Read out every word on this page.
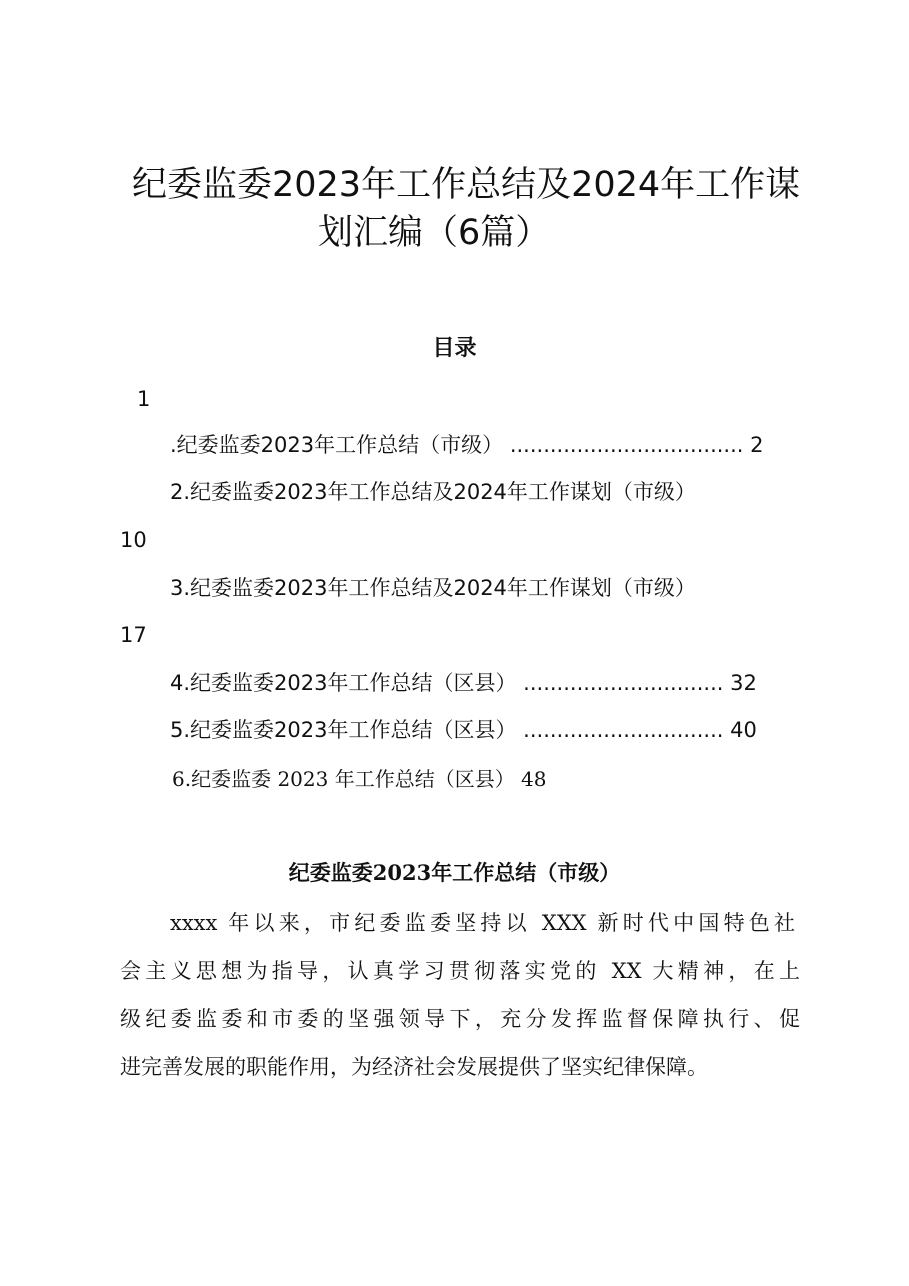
纪委监委2023年工作总结及2024年工作谋
划汇编（6篇）
目录
1
.纪委监委2023年工作总结（市级） ................................... 2
2.纪委监委2023年工作总结及2024年工作谋划（市级）
10
3.纪委监委2023年工作总结及2024年工作谋划（市级）
17
4.纪委监委2023年工作总结（区县） .............................. 32
5.纪委监委2023年工作总结（区县） .............................. 40
6.纪委监委 2023 年工作总结（区县） 48
纪委监委2023年工作总结（市级）
xxxx 年以来，市纪委监委坚持以 XXX 新时代中国特色社
会主义思想为指导，认真学习贯彻落实党的 XX 大精神，在上
级纪委监委和市委的坚强领导下，充分发挥监督保障执行、促
进完善发展的职能作用，为经济社会发展提供了坚实纪律保障。
